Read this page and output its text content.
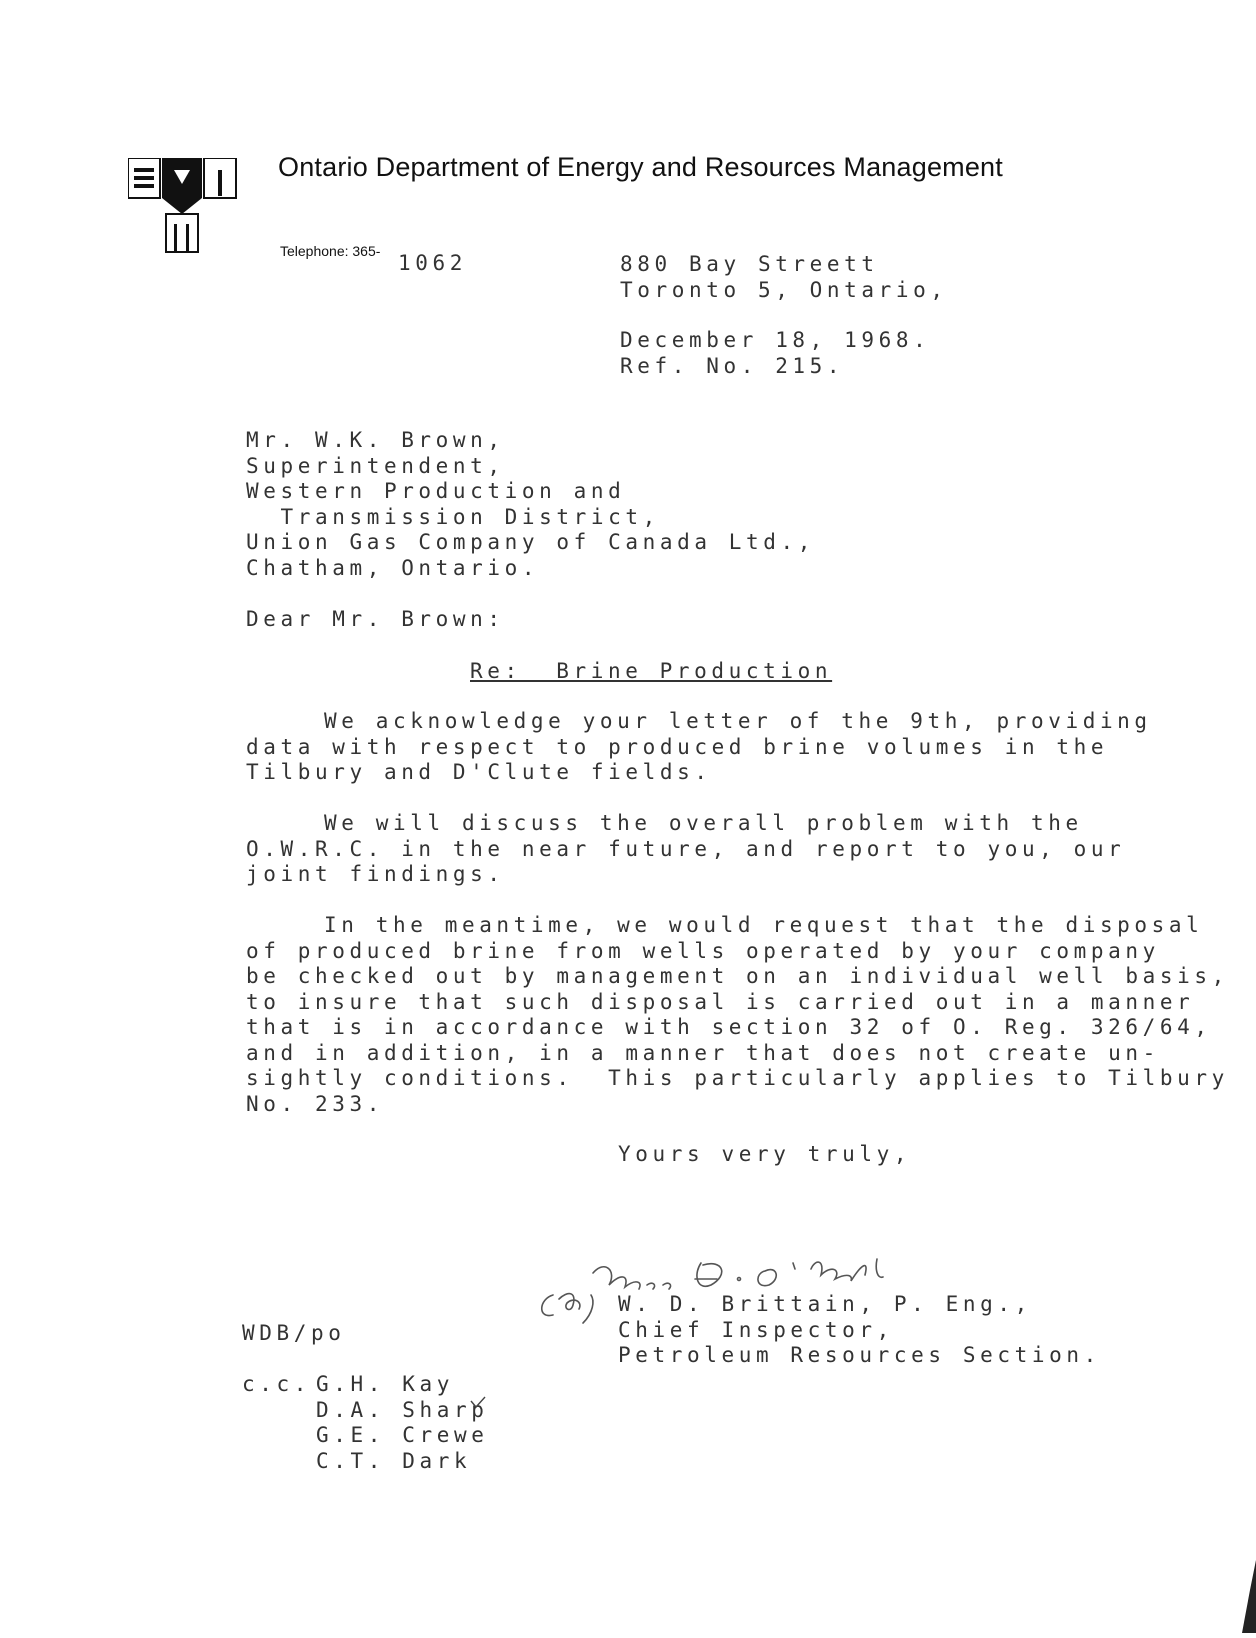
Ontario Department of Energy and Resources Management
Telephone: 365- 1062	880 Bay Streett
Toronto 5, Ontario,
December 18, 1968.
Ref. No. 215.
Mr. W.K. Brown,
Superintendent,
Western Production and
Transmission District,
Union Gas Company of Canada Ltd.,
Chatham, Ontario.
Dear Mr. Brown:
Re:  Brine Production
We acknowledge your letter of the 9th, providing
data with respect to produced brine volumes in the
Tilbury and D'Clute fields.
We will discuss the overall problem with the
O.W.R.C. in the near future, and report to you, our
joint findings.
In the meantime, we would request that the disposal
of produced brine from wells operated by your company
be checked out by management on an individual well basis,
to insure that such disposal is carried out in a manner
that is in accordance with section 32 of O. Reg. 326/64,
and in addition, in a manner that does not create un-
sightly conditions.  This particularly applies to Tilbury
No. 233.
Yours very truly,
W. D. Brittain, P. Eng.,
Chief Inspector,
Petroleum Resources Section.
WDB/po
c.c. G.H. Kay
D.A. Sharp
G.E. Crewe
C.T. Dark
